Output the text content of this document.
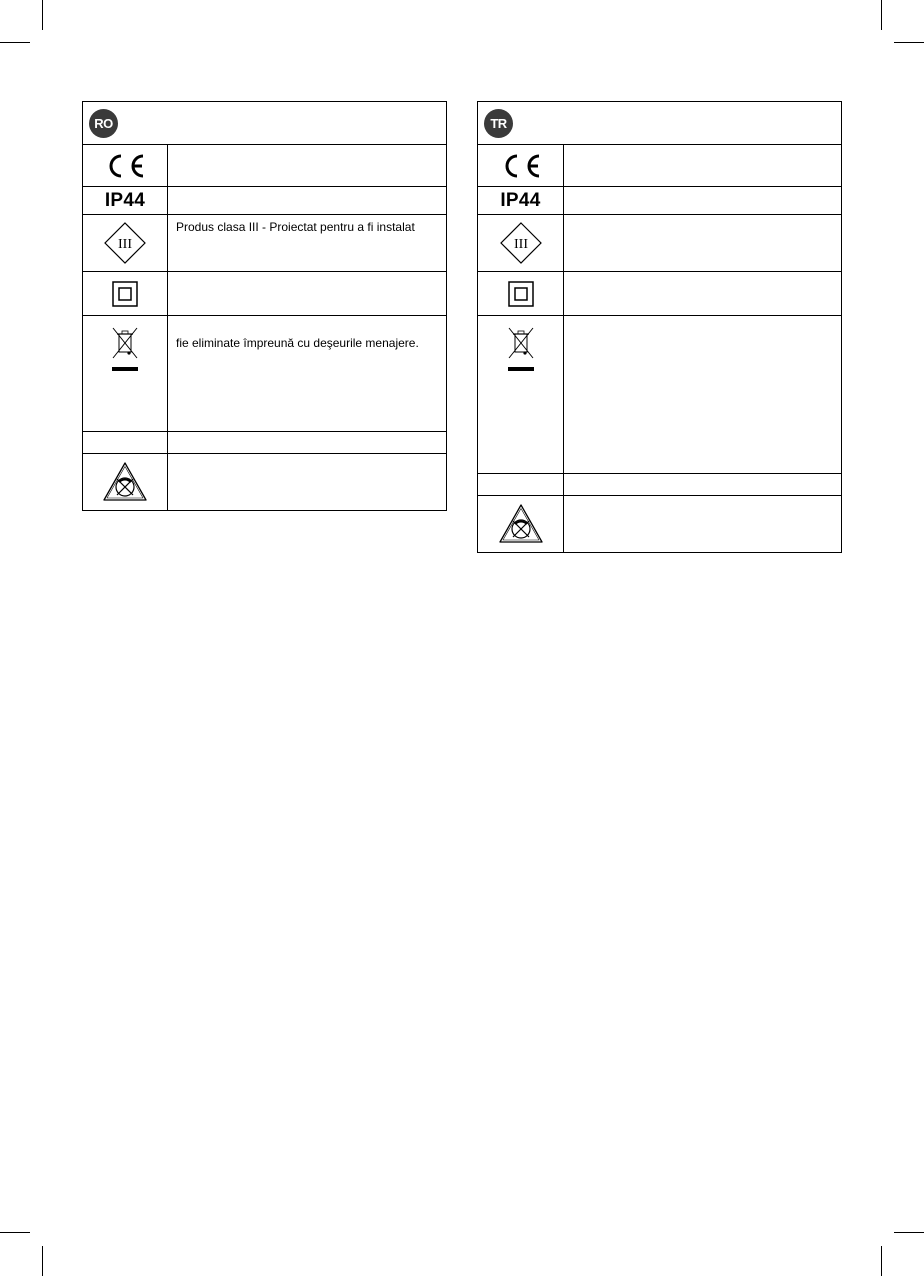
RO	

IP44	

III	Produs clasa III - Proiectat pentru a fi instalat

	fie eliminate împreună cu deşeurile menajere.

TR	

IP44	

III	
